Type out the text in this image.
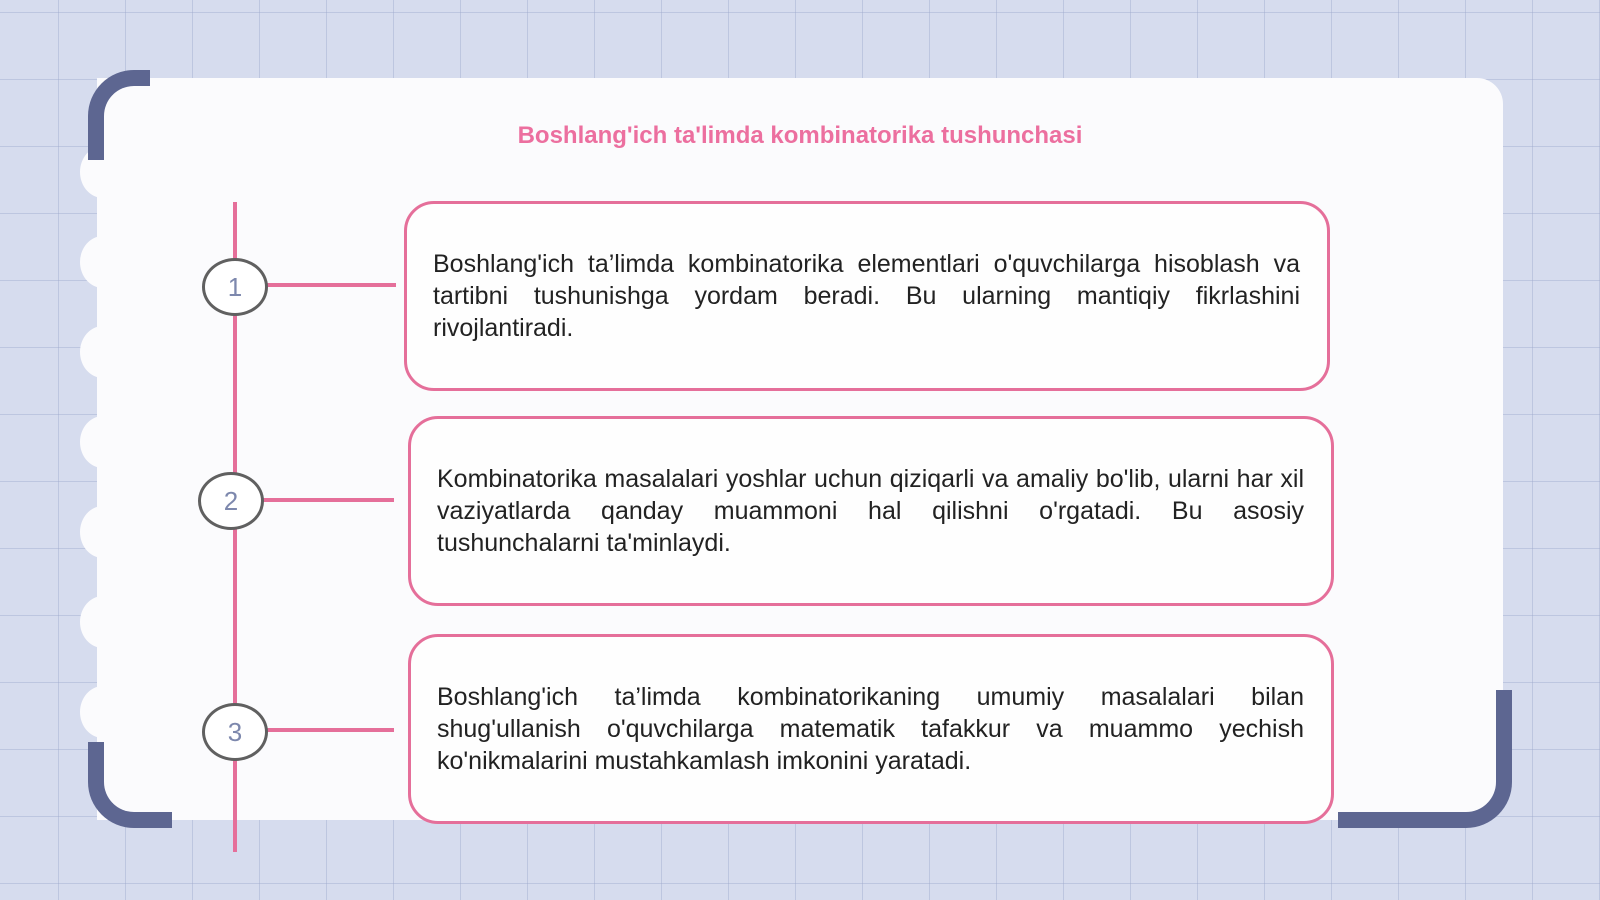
Boshlang'ich ta'limda kombinatorika tushunchasi
1
2
3

Boshlang'ich ta’limda kombinatorika elementlari o'quvchilarga hisoblash va tartibni tushunishga yordam beradi. Bu ularning mantiqiy fikrlashini rivojlantiradi.

Kombinatorika masalalari yoshlar uchun qiziqarli va amaliy bo'lib, ularni har xil vaziyatlarda qanday muammoni hal qilishni o'rgatadi. Bu asosiy tushunchalarni ta'minlaydi.

Boshlang'ich ta’limda kombinatorikaning umumiy masalalari bilan shug'ullanish o'quvchilarga matematik tafakkur va muammo yechish ko'nikmalarini mustahkamlash imkonini yaratadi.
